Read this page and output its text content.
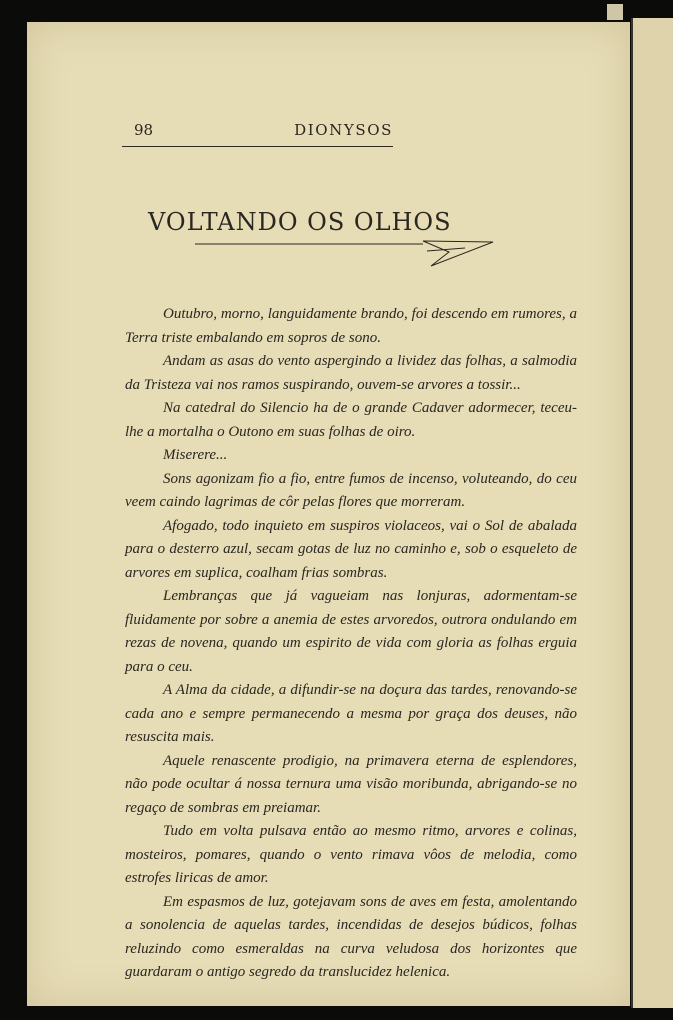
98	DIONYSOS
VOLTANDO OS OLHOS

Outubro, morno, languidamente brando, foi descendo em rumores, a Terra triste embalando em sopros de sono.

Andam as asas do vento aspergindo a lividez das folhas, a salmodia da Tristeza vai nos ramos suspirando, ouvem-se arvores a tossir...

Na catedral do Silencio ha de o grande Cadaver adormecer, teceu-lhe a mortalha o Outono em suas folhas de oiro.

Miserere...

Sons agonizam fio a fio, entre fumos de incenso, voluteando, do ceu veem caindo lagrimas de côr pelas flores que morreram.

Afogado, todo inquieto em suspiros violaceos, vai o Sol de abalada para o desterro azul, secam gotas de luz no caminho e, sob o esqueleto de arvores em suplica, coalham frias sombras.

Lembranças que já vagueiam nas lonjuras, adormentam-se fluidamente por sobre a anemia de estes arvoredos, outrora ondulando em rezas de novena, quando um espirito de vida com gloria as folhas erguia para o ceu.

A Alma da cidade, a difundir-se na doçura das tardes, renovando-se cada ano e sempre permanecendo a mesma por graça dos deuses, não resuscita mais.

Aquele renascente prodigio, na primavera eterna de esplendores, não pode ocultar á nossa ternura uma visão moribunda, abrigando-se no regaço de sombras em preiamar.

Tudo em volta pulsava então ao mesmo ritmo, arvores e colinas, mosteiros, pomares, quando o vento rimava vôos de melodia, como estrofes liricas de amor.

Em espasmos de luz, gotejavam sons de aves em festa, amolentando a sonolencia de aquelas tardes, incendidas de desejos búdicos, folhas reluzindo como esmeraldas na curva veludosa dos horizontes que guardaram o antigo segredo da translucidez helenica.
